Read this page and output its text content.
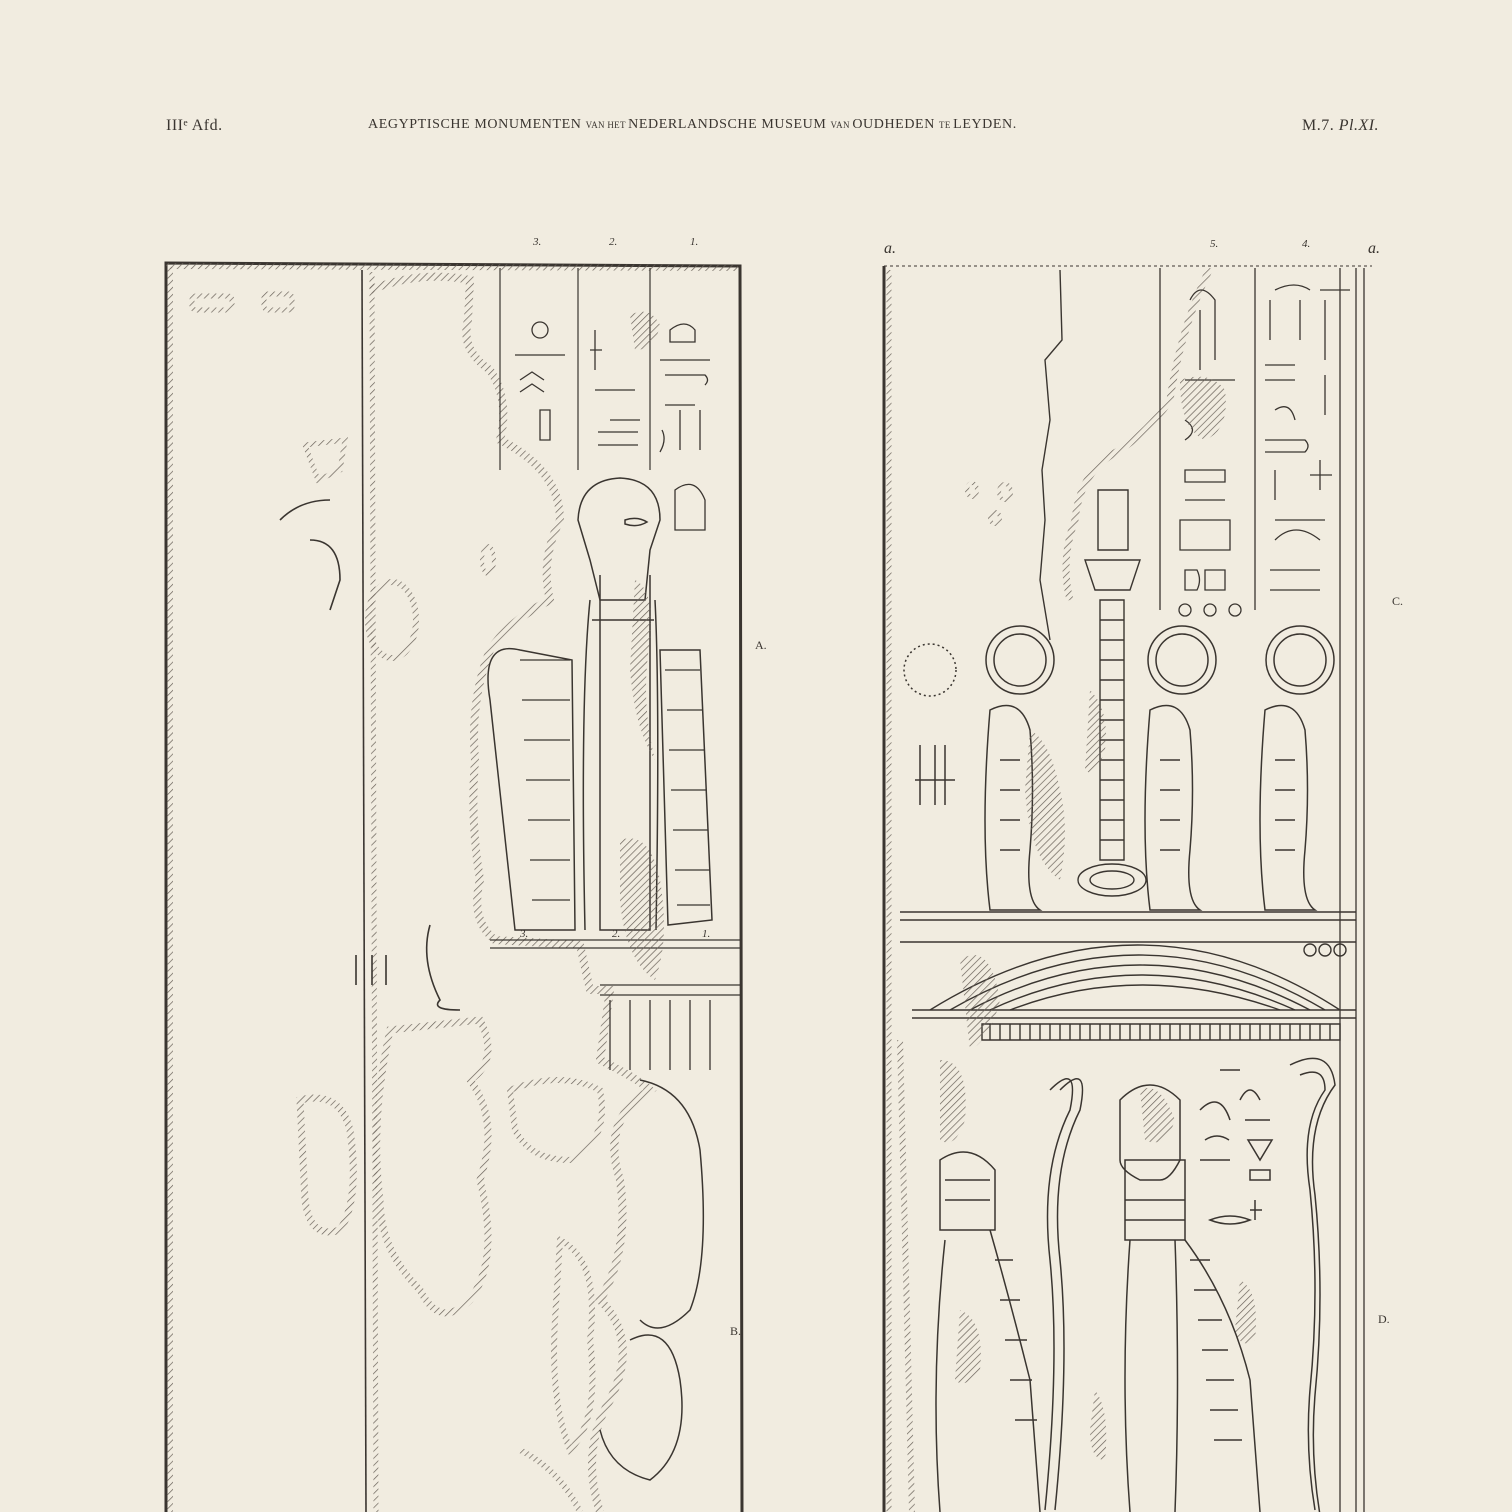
IIIᵉ Afd.	AEGYPTISCHE MONUMENTEN VAN HET NEDERLANDSCHE MUSEUM VAN OUDHEDEN TE LEYDEN.	M.7. Pl.XI.
3.	2.	1.
3.	2.	1.
5.	4.
a.	a.
A.
B.
C.
D.
